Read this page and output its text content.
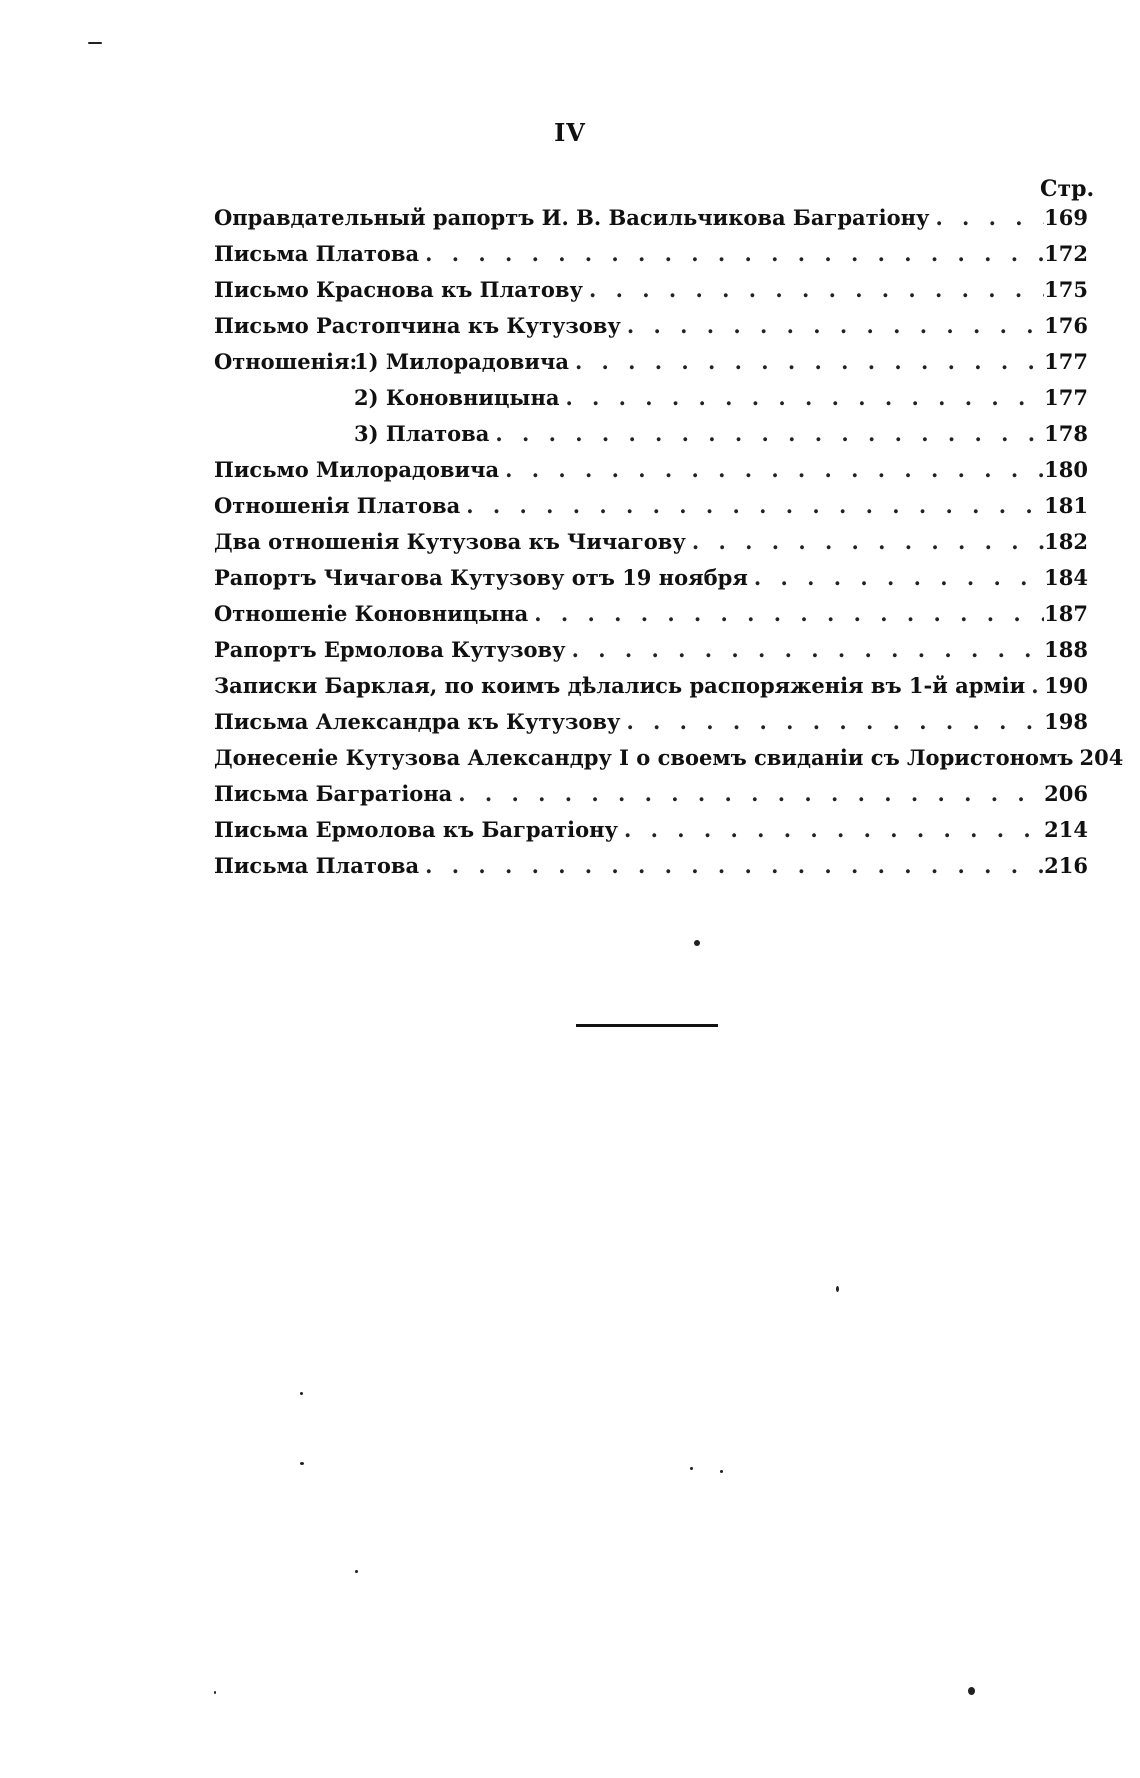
IV
Стр.
Оправдательный рапортъ И. В. Васильчикова Багратіону . . .	169
Письма Платова . . .	172
Письмо Краснова къ Платову . . .	175
Письмо Растопчина къ Кутузову . . .	176
Отношенія:1) Милорадовича . . .	177
2) Коновницына . . .	177
3) Платова . . .	178
Письмо Милорадовича . . .	180
Отношенія Платова . . .	181
Два отношенія Кутузова къ Чичагову . . .	182
Рапортъ Чичагова Кутузову отъ 19 ноября . . .	184
Отношеніе Коновницына . . .	187
Рапортъ Ермолова Кутузову . . .	188
Записки Барклая, по коимъ дѣлались распоряженія въ 1-й арміи . . . 190
Письма Александра къ Кутузову . . .	198
Донесеніе Кутузова Александру I о своемъ свиданіи съ Лористономъ 204
Письма Багратіона . . .	206
Письма Ермолова къ Багратіону . . .	214
Письма Платова . . .	216
